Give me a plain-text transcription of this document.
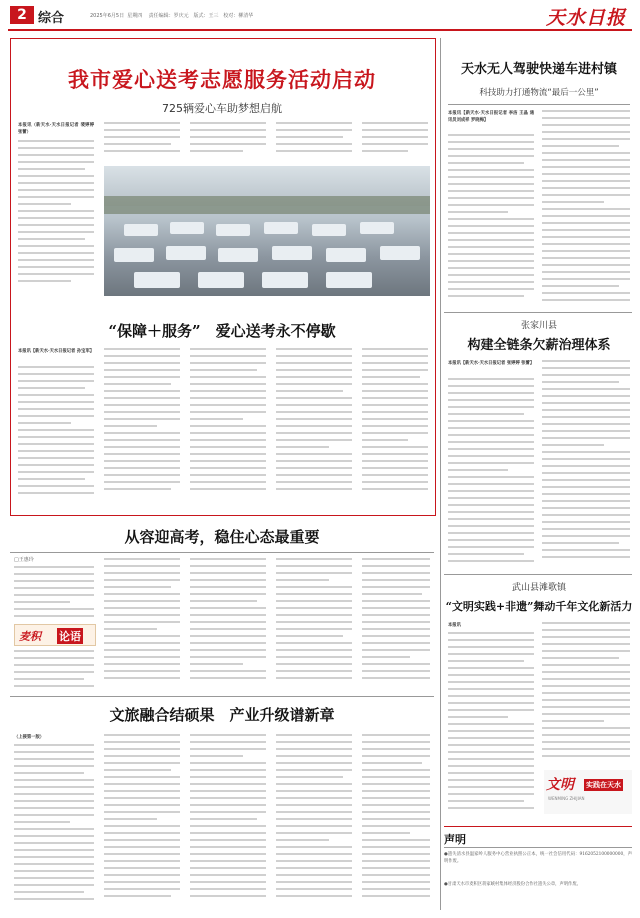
2 综合	2025年6月5日 星期四 责任编辑：罗庆元 版式：王三 校对：柳清华	天水日报
我市爱心送考志愿服务活动启动
725辆爱心车助梦想启航
本报讯（新天水·天水日报记者 裴婷婷 张蕾）
“保障＋服务”　爱心送考永不停歇
本报讯【新天水·天水日报记者 孙宝军】
从容迎高考，稳住心态最重要
□王惠玲
麦积 论语
文旅融合结硕果　产业升级谱新章
（上接第一版）
天水无人驾驶快递车进村镇
科技助力打通物流“最后一公里”
本报讯【新天水·天水日报记者 李洁 王晶 通讯员刘成祥 罗晓梅】
张家川县
构建全链条欠薪治理体系
本报讯【新天水·天水日报记者 张婷婷 张蕾】
武山县滩歌镇
“文明实践+非遗”舞动千年文化新活力
本报讯
文明 实践在天水
WENMING ZHIJIAN
声明
●遗失清水县温家岭人服务中心营业执照公正本，统一社会信用代码：9162052100000000，声明作废。
●甘肃天水市麦积区蒋家峡村集体经济股份合作社遗失公章，声明作废。
